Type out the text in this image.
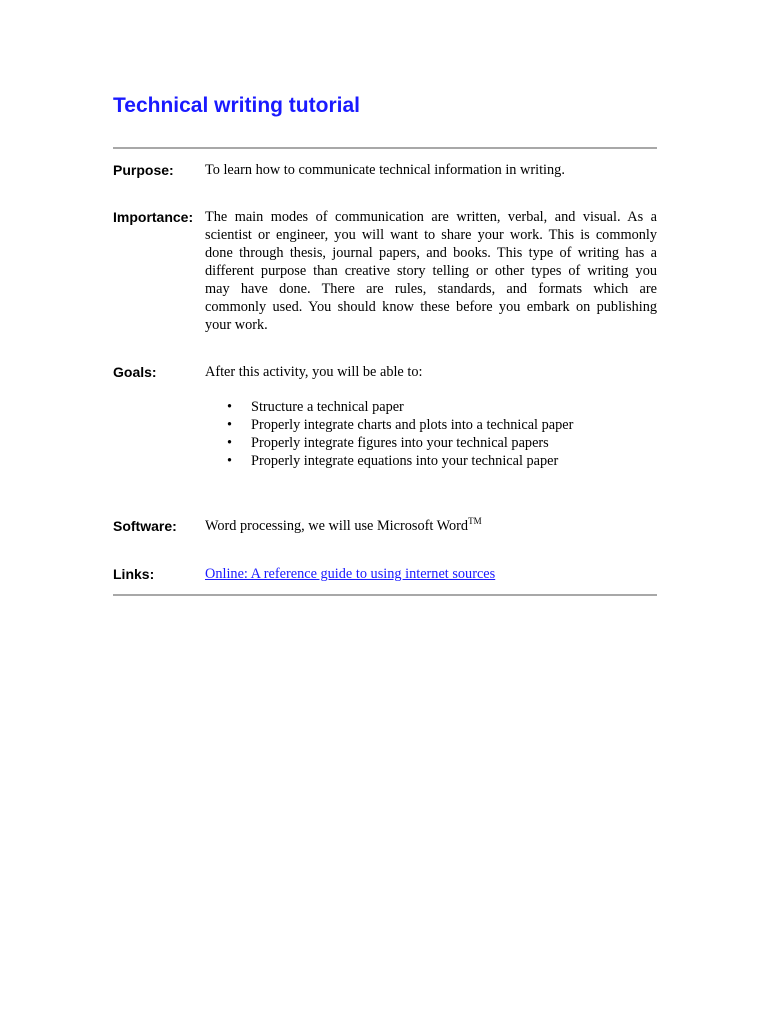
Technical writing tutorial
Purpose: To learn how to communicate technical information in writing.
Importance: The main modes of communication are written, verbal, and visual. As a
scientist or engineer, you will want to share your work. This is commonly
done through thesis, journal papers, and books. This type of writing has a
different purpose than creative story telling or other types of writing you
may have done. There are rules, standards, and formats which are
commonly used. You should know these before you embark on publishing
your work.
Goals:	After this activity, you will be able to:
• Structure a technical paper
• Properly integrate charts and plots into a technical paper
• Properly integrate figures into your technical papers
• Properly integrate equations into your technical paper
Software: Word processing, we will use Microsoft Word™
Links:	Online: A reference guide to using internet sources
